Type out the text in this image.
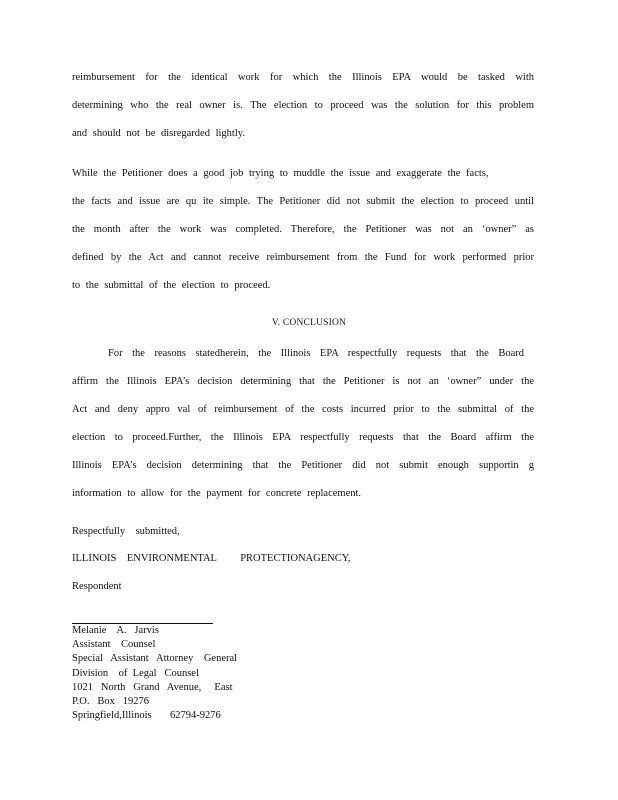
reimbursement for the identical work for which the Illinois EPA would be tasked with
determining who the real owner is. The election to proceed was the solution for this problem
and should not be disregarded lightly.

While the Petitioner does a good job trying to muddle the issue and exaggerate the facts,
the facts and issue are qu ite simple. The Petitioner did not submit the election to proceed until
the month after the work was completed. Therefore, the Petitioner was not an ‘owner” as
defined by the Act and cannot receive reimbursement from the Fund for work performed prior
to the submittal of the election to proceed.

V. CONCLUSION

For the reasons statedherein, the Illinois EPA respectfully requests that the Board
affirm the Illinois EPA’s decision determining that the Petitioner is not an ‘owner” under the
Act and deny appro val of reimbursement of the costs incurred prior to the submittal of the
election to proceed.Further, the Illinois EPA respectfully requests that the Board affirm the
Illinois EPA’s decision determining that the Petitioner did not submit enough supportin g
information to allow for the payment for concrete replacement.

Respectfully    submitted,

ILLINOIS    ENVIRONMENTAL         PROTECTIONAGENCY,

Respondent

Melanie    A.   Jarvis
Assistant    Counsel
Special   Assistant   Attorney    General
Division    of  Legal   Counsel
1021   North   Grand   Avenue,     East
P.O.   Box   19276
Springfield,Illinois       62794-9276
